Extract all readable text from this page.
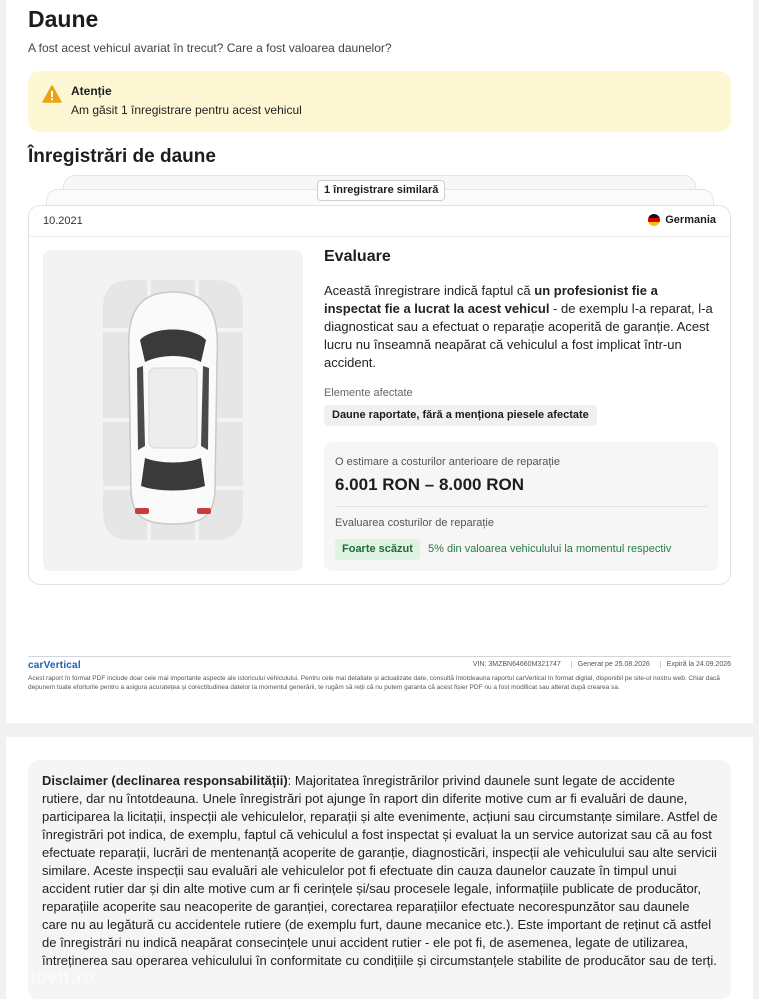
Daune
A fost acest vehicul avariat în trecut? Care a fost valoarea daunelor?
Atenție
Am găsit 1 înregistrare pentru acest vehicul
Înregistrări de daune
10.2021	Germania
Evaluare
Această înregistrare indică faptul că un profesionist fie a inspectat fie a lucrat la acest vehicul - de exemplu l-a reparat, l-a diagnosticat sau a efectuat o reparație acoperită de garanție. Acest lucru nu înseamnă neapărat că vehiculul a fost implicat într-un accident.
Elemente afectate
Daune raportate, fără a menționa piesele afectate
O estimare a costurilor anterioare de reparație
6.001 RON – 8.000 RON
Evaluarea costurilor de reparație
Foarte scăzut	5% din valoarea vehiculului la momentul respectiv
1 înregistrare similară
carVertical	VIN: 3MZBN64660M321747	Generat pe 25.08.2026	Expiră la 24.09.2026
Acest raport în format PDF include doar cele mai importante aspecte ale istoricului vehiculului. Pentru cele mai detaliate și actualizate date, consultă întotdeauna raportul carVertical în format digital, disponibil pe site-ul nostru web. Chiar dacă depunem toate eforturile pentru a asigura acuratețea și corectitudinea datelor la momentul generării, te rugăm să reții că nu putem garanta că acest fișier PDF nu a fost modificat sau alterat după crearea sa.
Disclaimer (declinarea responsabilității): Majoritatea înregistrărilor privind daunele sunt legate de accidente rutiere, dar nu întotdeauna. Unele înregistrări pot ajunge în raport din diferite motive cum ar fi evaluări de daune, participarea la licitații, inspecții ale vehiculelor, reparații și alte evenimente, acțiuni sau circumstanțe similare. Astfel de înregistrări pot indica, de exemplu, faptul că vehiculul a fost inspectat și evaluat la un service autorizat sau că au fost efectuate reparații, lucrări de mentenanță acoperite de garanție, diagnosticări, inspecții ale vehiculului sau alte servicii similare. Aceste inspecții sau evaluări ale vehiculelor pot fi efectuate din cauza daunelor cauzate în timpul unui accident rutier dar și din alte motive cum ar fi cerințele și/sau procesele legale, informațiile publicate de producător, reparațiile acoperite sau neacoperite de garanției, corectarea reparațiilor efectuate necorespunzător sau daunele care nu au legătură cu accidentele rutiere (de exemplu furt, daune mecanice etc.). Este important de reținut că astfel de înregistrări nu indică neapărat consecințele unui accident rutier - ele pot fi, de asemenea, legate de utilizarea, întreținerea sau operarea vehiculului în conformitate cu condițiile și circumstanțele stabilite de producător sau de terți.
autovit.ro
